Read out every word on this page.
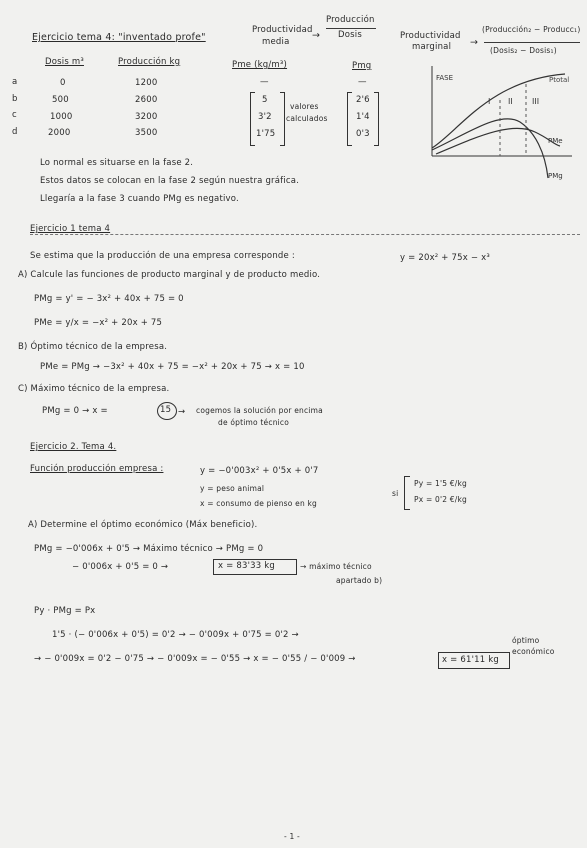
Ejercicio tema 4: "inventado profe"
Productividad
media
→
Producción
Dosis	Productividad
marginal →
(Producción₂ − Producc₁)
(Dosis₂ − Dosis₁)
Dosis m³	Producción kg	Pme (kg/m³)	Pmg
a
b
c
d
0	1200	—	—
500	2600	5	2'6
1000	3200	3'2	1'4
2000	3500	1'75	0'3
valores
calculados
FASE
I II III
Ptotal
PMe
PMg
Lo normal es situarse en la fase 2.
Estos datos se colocan en la fase 2 según nuestra gráfica.
Llegaría a la fase 3 cuando PMg es negativo.
Ejercicio 1 tema 4
Se estima que la producción de una empresa corresponde :	y = 20x² + 75x − x³
A) Calcule las funciones de producto marginal y de producto medio.
PMg = y' = − 3x² + 40x + 75 = 0
PMe = y/x = −x² + 20x + 75
B) Óptimo técnico de la empresa.
PMe = PMg → −3x² + 40x + 75 = −x² + 20x + 75 → x = 10
C) Máximo técnico de la empresa.
PMg = 0 → x =	15 → cogemos la solución por encima
de óptimo técnico
Ejercicio 2. Tema 4.
Función producción empresa :	y = −0'003x² + 0'5x + 0'7
y = peso animal
x = consumo de pienso en kg
si
Py = 1'5 €/kg
Px = 0'2 €/kg
A) Determine el óptimo económico (Máx beneficio).
PMg = −0'006x + 0'5 → Máximo técnico → PMg = 0
− 0'006x + 0'5 = 0 →	x = 83'33 kg	→ máximo técnico
apartado b)
Py · PMg = Px
1'5 · (− 0'006x + 0'5) = 0'2 → − 0'009x + 0'75 = 0'2 →
óptimo
económico
→ − 0'009x = 0'2 − 0'75 → − 0'009x = − 0'55 → x = − 0'55 / − 0'009 →	x = 61'11 kg
- 1 -
